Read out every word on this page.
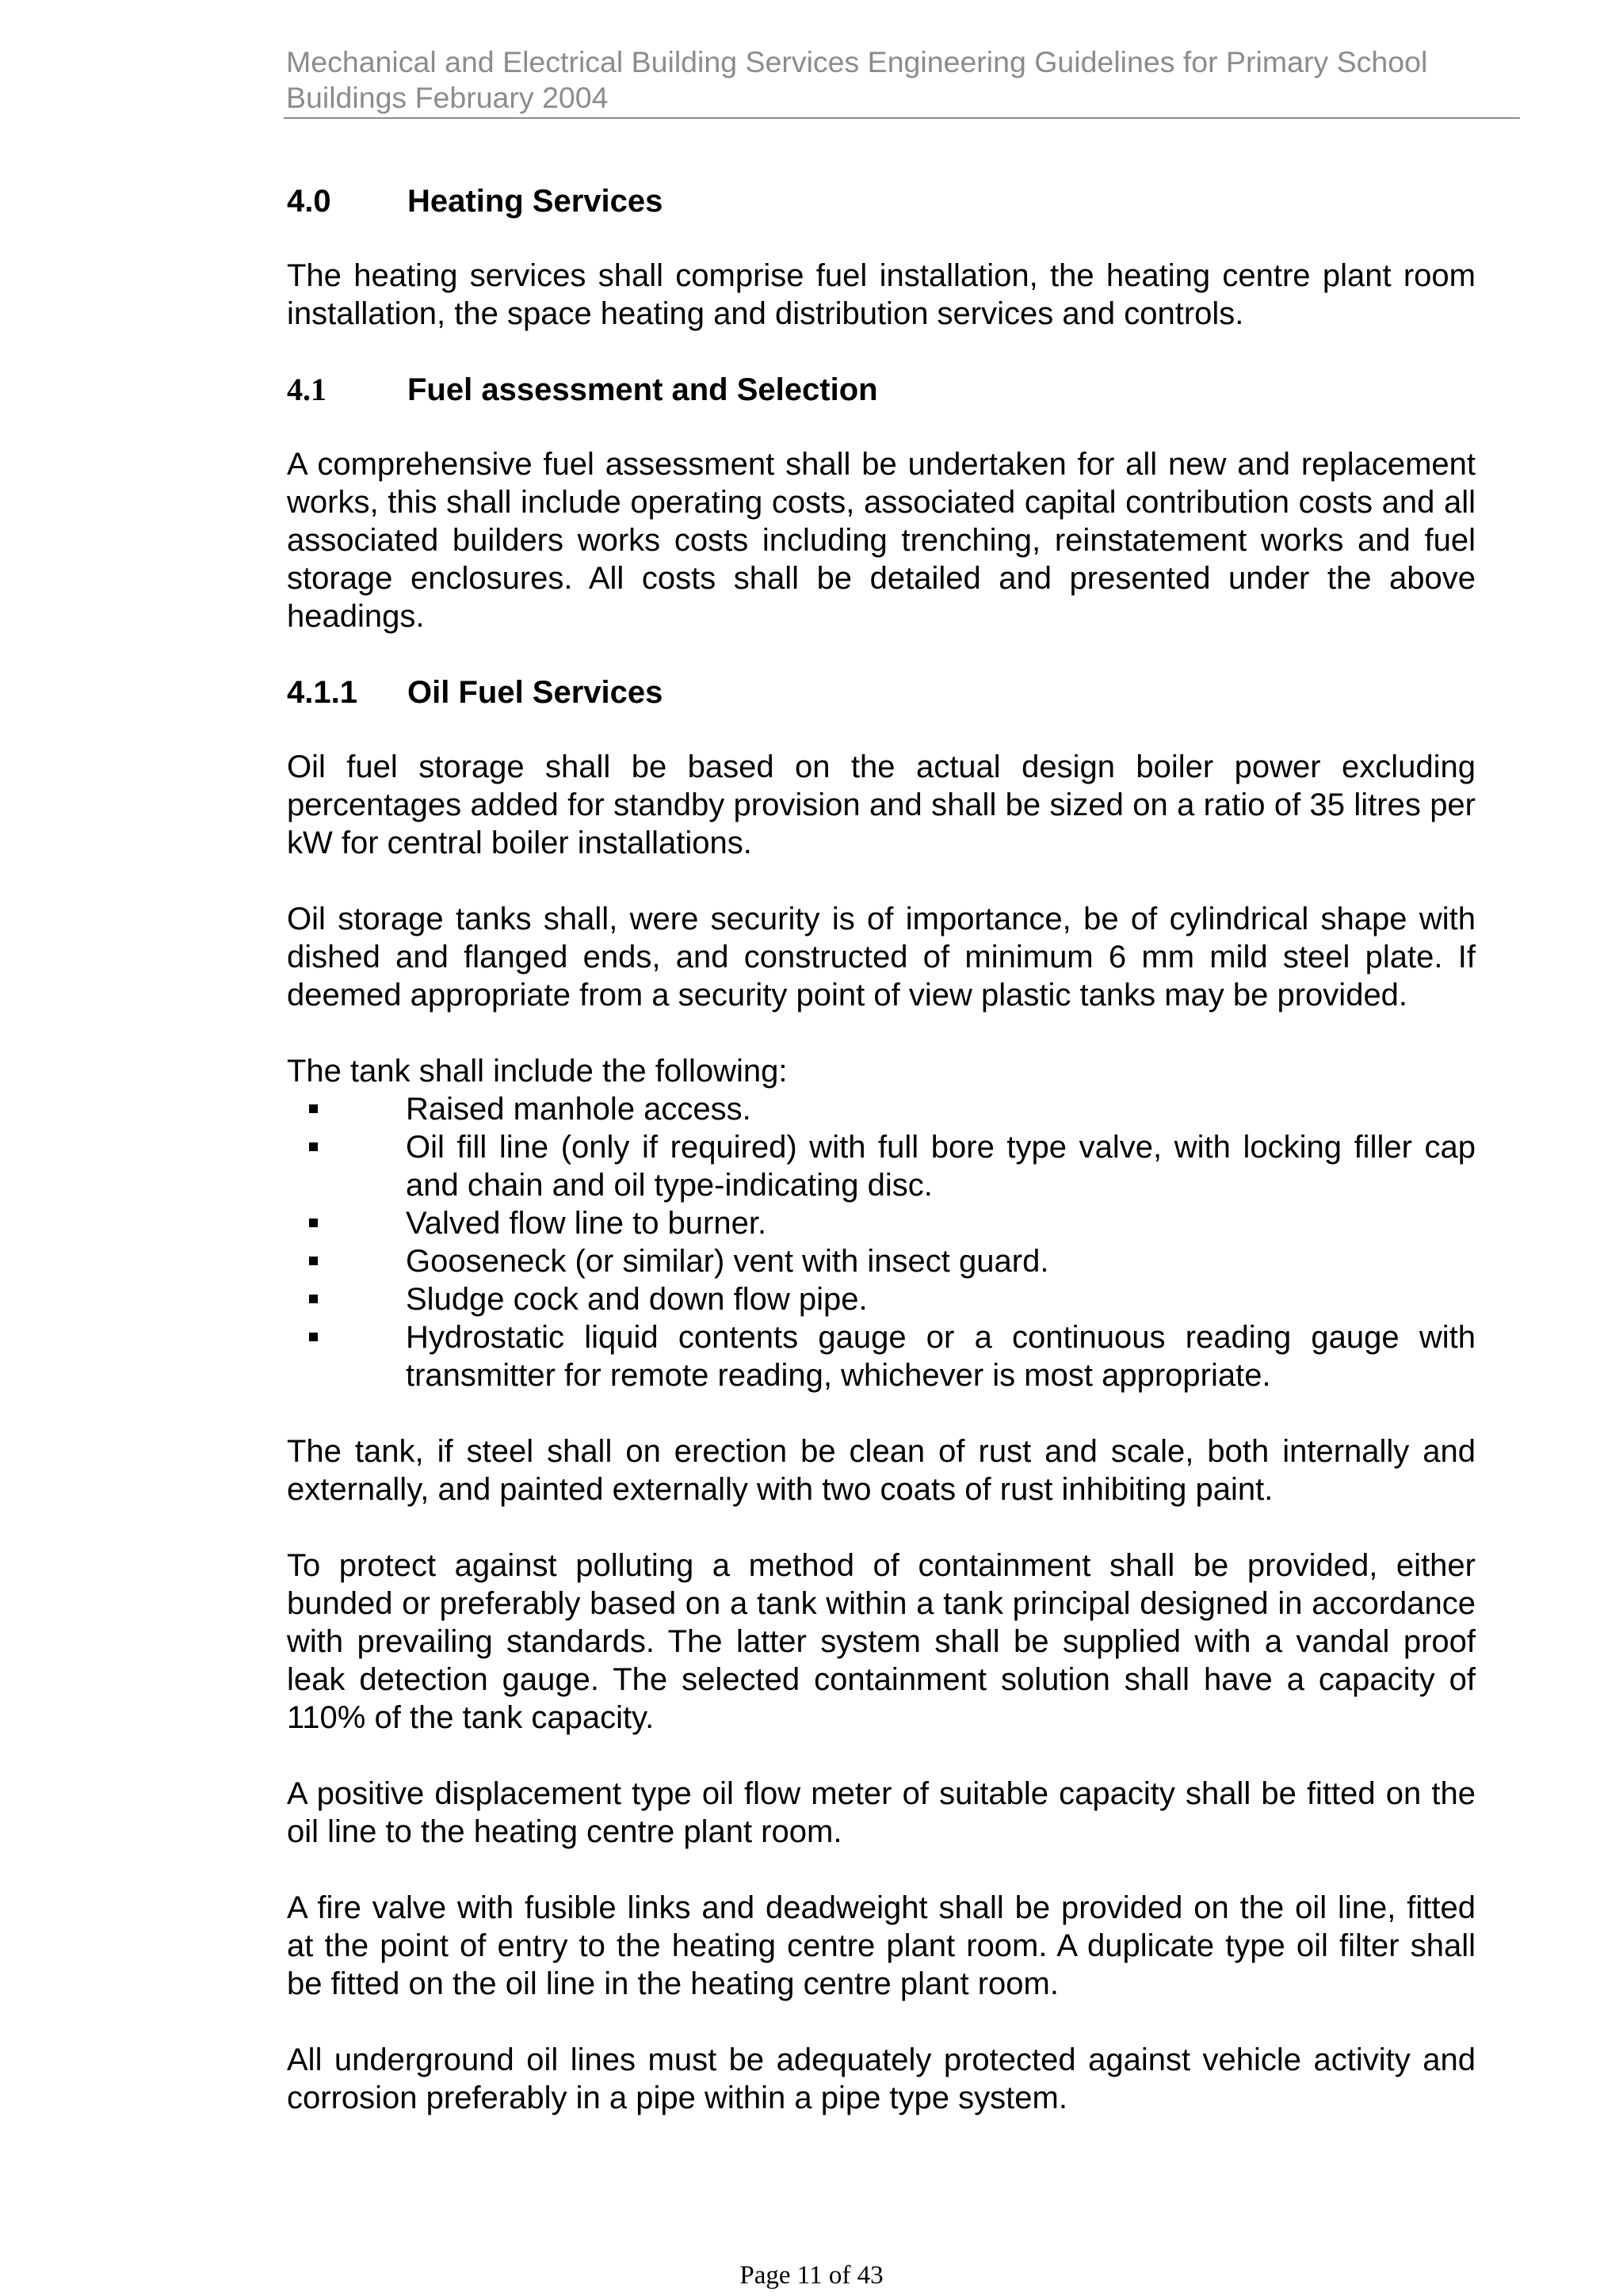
Mechanical and Electrical Building Services Engineering Guidelines for Primary School
Buildings February 2004
4.0	Heating Services

The heating services shall comprise fuel installation, the heating centre plant room installation, the space heating and distribution services and controls.

4.1	Fuel assessment and Selection

A comprehensive fuel assessment shall be undertaken for all new and replacement works, this shall include operating costs, associated capital contribution costs and all associated builders works costs including trenching, reinstatement works and fuel storage enclosures. All costs shall be detailed and presented under the above headings.

4.1.1	Oil Fuel Services

Oil fuel storage shall be based on the actual design boiler power excluding percentages added for standby provision and shall be sized on a ratio of 35 litres per kW for central boiler installations.

Oil storage tanks shall, were security is of importance, be of cylindrical shape with dished and flanged ends, and constructed of minimum 6 mm mild steel plate. If deemed appropriate from a security point of view plastic tanks may be provided.

The tank shall include the following:

Raised manhole access.
Oil fill line (only if required) with full bore type valve, with locking filler cap and chain and oil type-indicating disc.
Valved flow line to burner.
Gooseneck (or similar) vent with insect guard.
Sludge cock and down flow pipe.
Hydrostatic liquid contents gauge or a continuous reading gauge with transmitter for remote reading, whichever is most appropriate.

The tank, if steel shall on erection be clean of rust and scale, both internally and externally, and painted externally with two coats of rust inhibiting paint.

To protect against polluting a method of containment shall be provided, either bunded or preferably based on a tank within a tank principal designed in accordance with prevailing standards. The latter system shall be supplied with a vandal proof leak detection gauge. The selected containment solution shall have a capacity of 110% of the tank capacity.

A positive displacement type oil flow meter of suitable capacity shall be fitted on the oil line to the heating centre plant room.

A fire valve with fusible links and deadweight shall be provided on the oil line, fitted at the point of entry to the heating centre plant room. A duplicate type oil filter shall be fitted on the oil line in the heating centre plant room.

All underground oil lines must be adequately protected against vehicle activity and corrosion preferably in a pipe within a pipe type system.

Page 11 of 43
